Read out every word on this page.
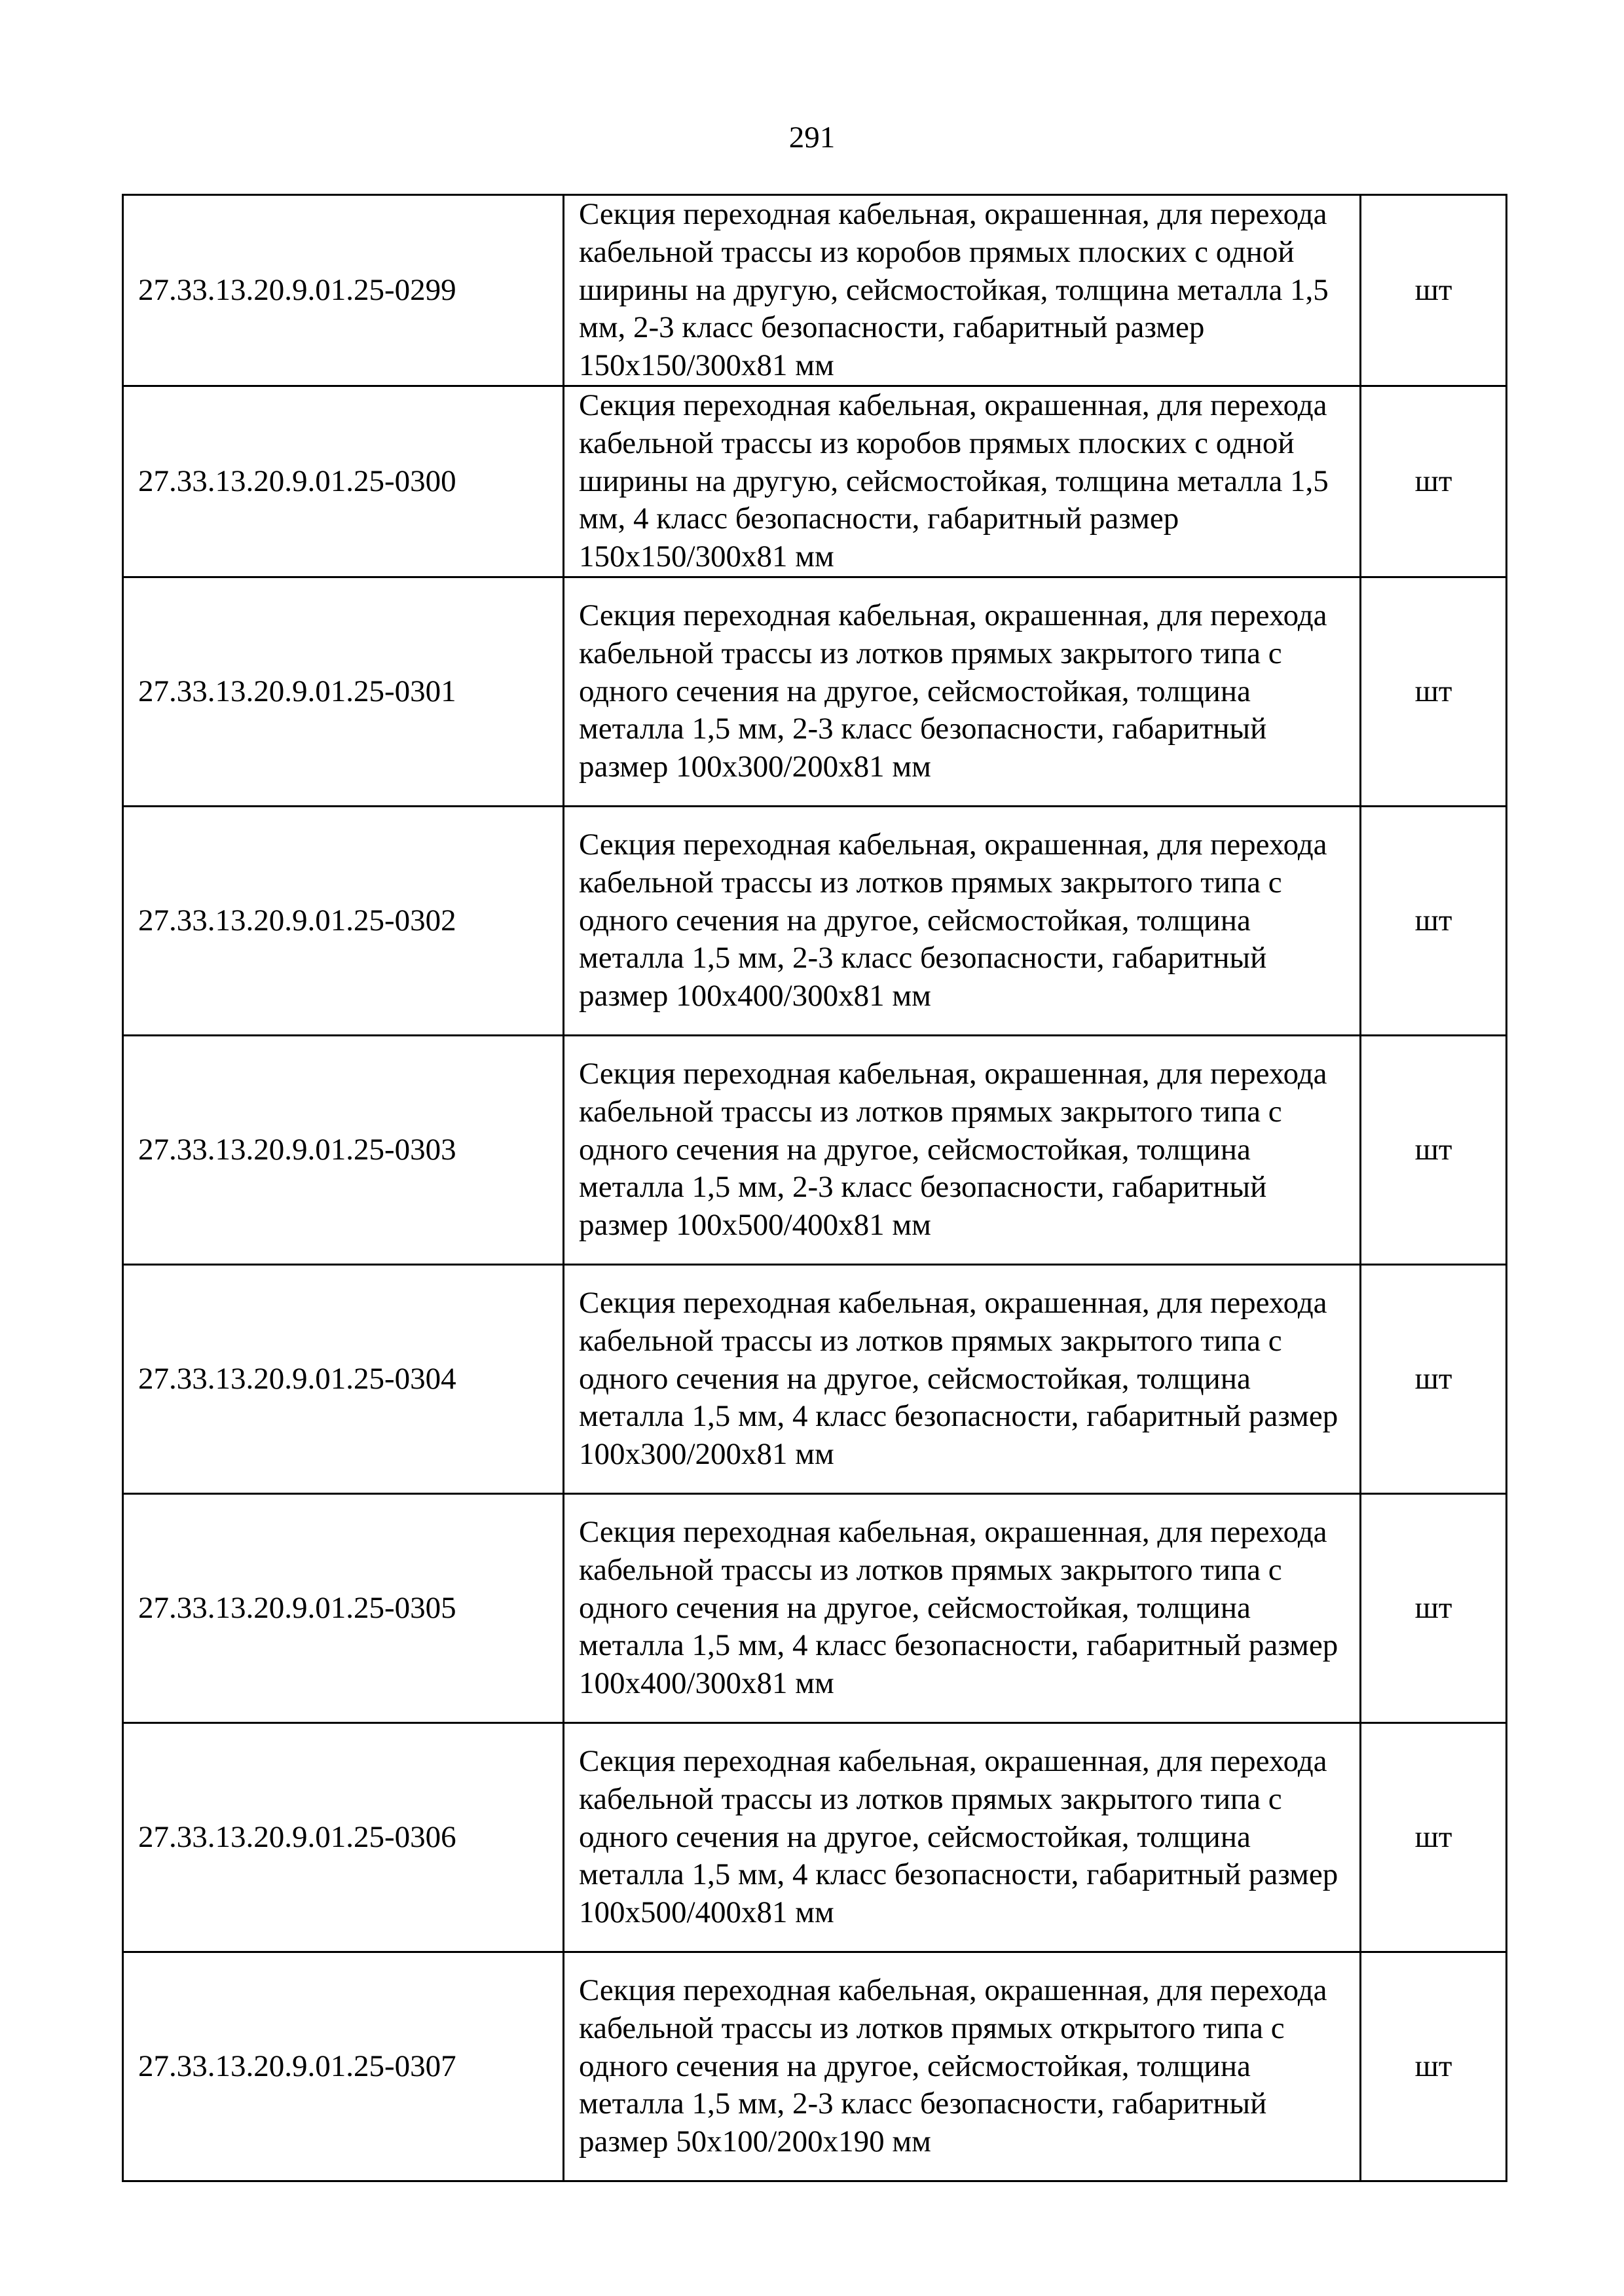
291
27.33.13.20.9.01.25-0299	Секция переходная кабельная, окрашенная, для перехода кабельной трассы из коробов прямых плоских с одной ширины на другую, сейсмостойкая, толщина металла 1,5 мм, 2-3 класс безопасности, габаритный размер 150х150/300х81 мм	шт
27.33.13.20.9.01.25-0300	Секция переходная кабельная, окрашенная, для перехода кабельной трассы из коробов прямых плоских с одной ширины на другую, сейсмостойкая, толщина металла 1,5 мм, 4 класс безопасности, габаритный размер 150х150/300х81 мм	шт
27.33.13.20.9.01.25-0301	Секция переходная кабельная, окрашенная, для перехода кабельной трассы из лотков прямых закрытого типа с одного сечения на другое, сейсмостойкая, толщина металла 1,5 мм, 2-3 класс безопасности, габаритный размер 100х300/200х81 мм	шт
27.33.13.20.9.01.25-0302	Секция переходная кабельная, окрашенная, для перехода кабельной трассы из лотков прямых закрытого типа с одного сечения на другое, сейсмостойкая, толщина металла 1,5 мм, 2-3 класс безопасности, габаритный размер 100х400/300х81 мм	шт
27.33.13.20.9.01.25-0303	Секция переходная кабельная, окрашенная, для перехода кабельной трассы из лотков прямых закрытого типа с одного сечения на другое, сейсмостойкая, толщина металла 1,5 мм, 2-3 класс безопасности, габаритный размер 100х500/400х81 мм	шт
27.33.13.20.9.01.25-0304	Секция переходная кабельная, окрашенная, для перехода кабельной трассы из лотков прямых закрытого типа с одного сечения на другое, сейсмостойкая, толщина металла 1,5 мм, 4 класс безопасности, габаритный размер 100х300/200х81 мм	шт
27.33.13.20.9.01.25-0305	Секция переходная кабельная, окрашенная, для перехода кабельной трассы из лотков прямых закрытого типа с одного сечения на другое, сейсмостойкая, толщина металла 1,5 мм, 4 класс безопасности, габаритный размер 100х400/300х81 мм	шт
27.33.13.20.9.01.25-0306	Секция переходная кабельная, окрашенная, для перехода кабельной трассы из лотков прямых закрытого типа с одного сечения на другое, сейсмостойкая, толщина металла 1,5 мм, 4 класс безопасности, габаритный размер 100х500/400х81 мм	шт
27.33.13.20.9.01.25-0307	Секция переходная кабельная, окрашенная, для перехода кабельной трассы из лотков прямых открытого типа с одного сечения на другое, сейсмостойкая, толщина металла 1,5 мм, 2-3 класс безопасности, габаритный размер 50х100/200х190 мм	шт
